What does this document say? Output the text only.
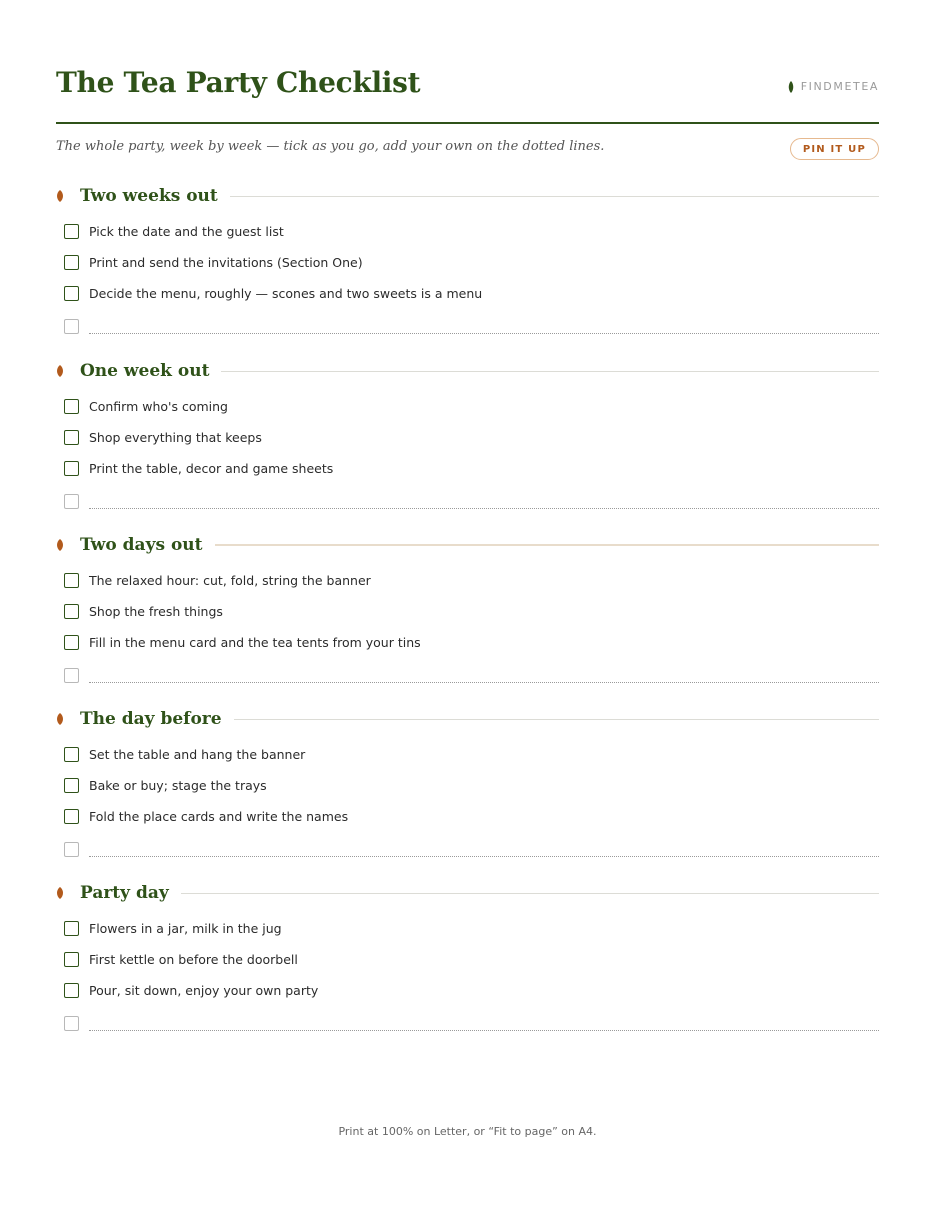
The Tea Party Checklist	FINDMETEA
The whole party, week by week — tick as you go, add your own on the dotted lines.	PIN IT UP
Two weeks out
Pick the date and the guest list
Print and send the invitations (Section One)
Decide the menu, roughly — scones and two sweets is a menu
One week out
Confirm who's coming
Shop everything that keeps
Print the table, decor and game sheets
Two days out
The relaxed hour: cut, fold, string the banner
Shop the fresh things
Fill in the menu card and the tea tents from your tins
The day before
Set the table and hang the banner
Bake or buy; stage the trays
Fold the place cards and write the names
Party day
Flowers in a jar, milk in the jug
First kettle on before the doorbell
Pour, sit down, enjoy your own party
Print at 100% on Letter, or “Fit to page” on A4.
